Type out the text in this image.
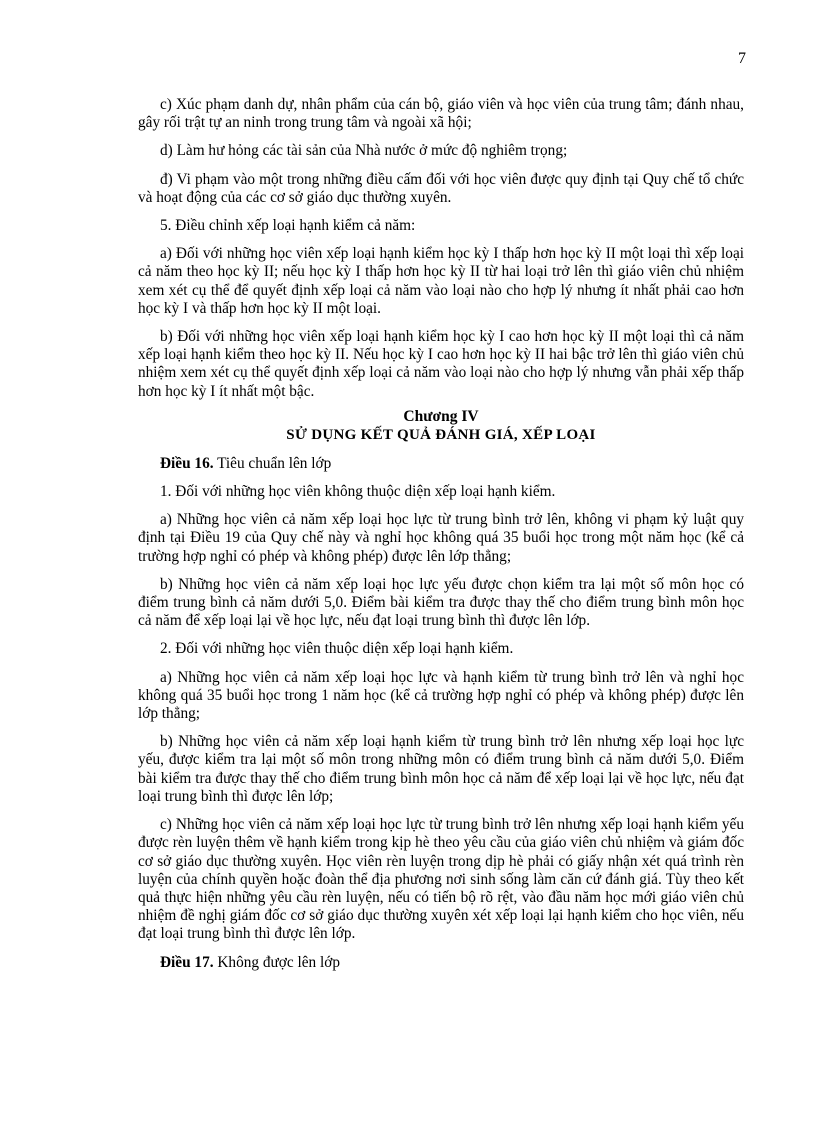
7

c) Xúc phạm danh dự, nhân phẩm của cán bộ, giáo viên và học viên của trung tâm; đánh nhau, gây rối trật tự an ninh trong trung tâm và ngoài xã hội;

d) Làm hư hỏng các tài sản của Nhà nước ở mức độ nghiêm trọng;

đ) Vi phạm vào một trong những điều cấm đối với học viên được quy định tại Quy chế tổ chức và hoạt động của các cơ sở giáo dục thường xuyên.

5. Điều chỉnh xếp loại hạnh kiểm cả năm:

a) Đối với những học viên xếp loại hạnh kiểm học kỳ I thấp hơn học kỳ II một loại thì xếp loại cả năm theo học kỳ II; nếu học kỳ I thấp hơn học kỳ II từ hai loại trở lên thì giáo viên chủ nhiệm xem xét cụ thể để quyết định xếp loại cả năm vào loại nào cho hợp lý nhưng ít nhất phải cao hơn học kỳ I và thấp hơn học kỳ II một loại.

b) Đối với những học viên xếp loại hạnh kiểm học kỳ I cao hơn học kỳ II một loại thì cả năm xếp loại hạnh kiểm theo học kỳ II. Nếu học kỳ I cao hơn học kỳ II hai bậc trở lên thì giáo viên chủ nhiệm xem xét cụ thể quyết định xếp loại cả năm vào loại nào cho hợp lý nhưng vẫn phải xếp thấp hơn học kỳ I ít nhất một bậc.

Chương IV
SỬ DỤNG KẾT QUẢ ĐÁNH GIÁ, XẾP LOẠI

Điều 16. Tiêu chuẩn lên lớp

1. Đối với những học viên không thuộc diện xếp loại hạnh kiểm.

a) Những học viên cả năm xếp loại học lực từ trung bình trở lên, không vi phạm kỷ luật quy định tại Điều 19 của Quy chế này và nghỉ học không quá 35 buổi học trong một năm học (kể cả trường hợp nghỉ có phép và không phép) được lên lớp thẳng;

b) Những học viên cả năm xếp loại học lực yếu được chọn kiểm tra lại một số môn học có điểm trung bình cả năm dưới 5,0. Điểm bài kiểm tra được thay thế cho điểm trung bình môn học cả năm để xếp loại lại về học lực, nếu đạt loại trung bình thì được lên lớp.

2. Đối với những học viên thuộc diện xếp loại hạnh kiểm.

a) Những học viên cả năm xếp loại học lực và hạnh kiểm từ trung bình trở lên và nghỉ học không quá 35 buổi học trong 1 năm học (kể cả trường hợp nghỉ có phép và không phép) được lên lớp thẳng;

b) Những học viên cả năm xếp loại hạnh kiểm từ trung bình trở lên nhưng xếp loại học lực yếu, được kiểm tra lại một số môn trong những môn có điểm trung bình cả năm dưới 5,0. Điểm bài kiểm tra được thay thế cho điểm trung bình môn học cả năm để xếp loại lại về học lực, nếu đạt loại trung bình thì được lên lớp;

c) Những học viên cả năm xếp loại học lực từ trung bình trở lên nhưng xếp loại hạnh kiểm yếu được rèn luyện thêm về hạnh kiểm trong kịp hè theo yêu cầu của giáo viên chủ nhiệm và giám đốc cơ sở giáo dục thường xuyên. Học viên rèn luyện trong dịp hè phải có giấy nhận xét quá trình rèn luyện của chính quyền hoặc đoàn thể địa phương nơi sinh sống làm căn cứ đánh giá. Tùy theo kết quả thực hiện những yêu cầu rèn luyện, nếu có tiến bộ rõ rệt, vào đầu năm học mới giáo viên chủ nhiệm đề nghị giám đốc cơ sở giáo dục thường xuyên xét xếp loại lại hạnh kiểm cho học viên, nếu đạt loại trung bình thì được lên lớp.

Điều 17. Không được lên lớp
